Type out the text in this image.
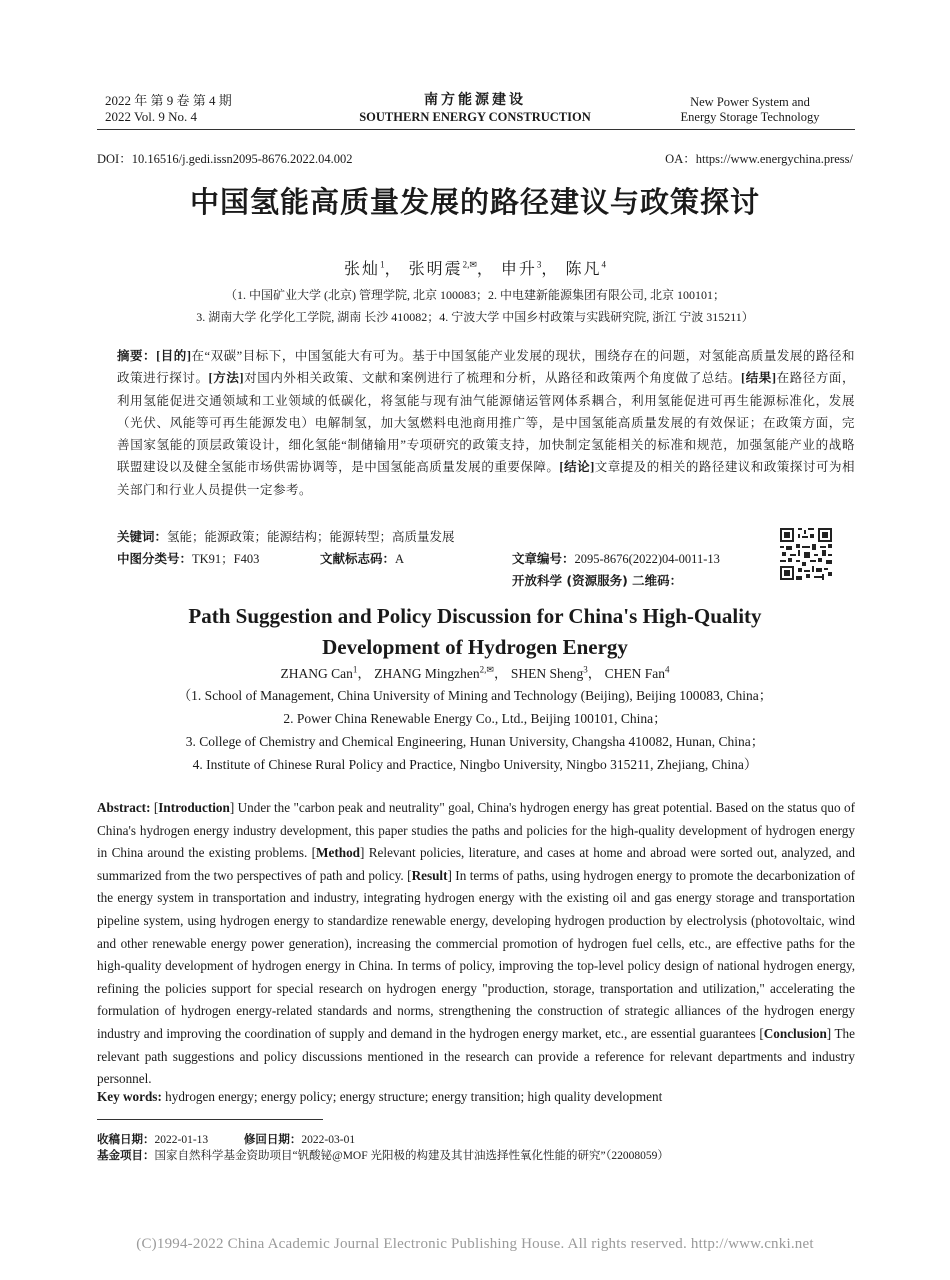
2022 年 第 9 卷 第 4 期
2022 Vol. 9 No. 4
南方能源建设
SOUTHERN ENERGY CONSTRUCTION
New Power System and
Energy Storage Technology
DOI：10.16516/j.gedi.issn2095-8676.2022.04.002	OA：https://www.energychina.press/
中国氢能高质量发展的路径建议与政策探讨
张灿$^1$， 张明震$^{2,✉}$， 申升$^3$， 陈凡$^4$
（1. 中国矿业大学 (北京) 管理学院, 北京 100083；2. 中电建新能源集团有限公司, 北京 100101；
3. 湖南大学 化学化工学院, 湖南 长沙 410082；4. 宁波大学 中国乡村政策与实践研究院, 浙江 宁波 315211）
摘要：[目的]在“双碳”目标下，中国氢能大有可为。基于中国氢能产业发展的现状，围绕存在的问题，对氢能高质量发展的路径和政策进行探讨。[方法]对国内外相关政策、文献和案例进行了梳理和分析，从路径和政策两个角度做了总结。[结果]在路径方面，利用氢能促进交通领域和工业领域的低碳化，将氢能与现有油气能源储运管网体系耦合，利用氢能促进可再生能源标准化，发展（光伏、风能等可再生能源发电）电解制氢，加大氢燃料电池商用推广等，是中国氢能高质量发展的有效保证；在政策方面，完善国家氢能的顶层政策设计，细化氢能“制储输用”专项研究的政策支持，加快制定氢能相关的标准和规范，加强氢能产业的战略联盟建设以及健全氢能市场供需协调等，是中国氢能高质量发展的重要保障。[结论]文章提及的相关的路径建议和政策探讨可为相关部门和行业人员提供一定参考。
关键词：氢能；能源政策；能源结构；能源转型；高质量发展
中图分类号：TK91；F403	文献标志码：A	文章编号：2095-8676(2022)04-0011-13
开放科学 (资源服务) 二维码：
Path Suggestion and Policy Discussion for China's High-Quality
Development of Hydrogen Energy
ZHANG Can$^1$， ZHANG Mingzhen$^{2,✉}$， SHEN Sheng$^3$， CHEN Fan$^4$
（1. School of Management, China University of Mining and Technology (Beijing), Beijing 100083, China；
2. Power China Renewable Energy Co., Ltd., Beijing 100101, China；
3. College of Chemistry and Chemical Engineering, Hunan University, Changsha 410082, Hunan, China；
4. Institute of Chinese Rural Policy and Practice, Ningbo University, Ningbo 315211, Zhejiang, China）
Abstract: [Introduction] Under the "carbon peak and neutrality" goal, China's hydrogen energy has great potential. Based on the status quo of China's hydrogen energy industry development, this paper studies the paths and policies for the high-quality development of hydrogen energy in China around the existing problems. [Method] Relevant policies, literature, and cases at home and abroad were sorted out, analyzed, and summarized from the two perspectives of path and policy. [Result] In terms of paths, using hydrogen energy to promote the decarbonization of the energy system in transportation and industry, integrating hydrogen energy with the existing oil and gas energy storage and transportation pipeline system, using hydrogen energy to standardize renewable energy, developing hydrogen production by electrolysis (photovoltaic, wind and other renewable energy power generation), increasing the commercial promotion of hydrogen fuel cells, etc., are effective paths for the high-quality development of hydrogen energy in China. In terms of policy, improving the top-level policy design of national hydrogen energy, refining the policies support for special research on hydrogen energy "production, storage, transportation and utilization," accelerating the formulation of hydrogen energy-related standards and norms, strengthening the construction of strategic alliances of the hydrogen energy industry and improving the coordination of supply and demand in the hydrogen energy market, etc., are essential guarantees [Conclusion] The relevant path suggestions and policy discussions mentioned in the research can provide a reference for relevant departments and industry personnel.
Key words: hydrogen energy; energy policy; energy structure; energy transition; high quality development
收稿日期：2022-01-13	修回日期：2022-03-01
基金项目：国家自然科学基金资助项目“钒酸铋@MOF 光阳极的构建及其甘油选择性氧化性能的研究”（22008059）
(C)1994-2022 China Academic Journal Electronic Publishing House. All rights reserved. http://www.cnki.net
